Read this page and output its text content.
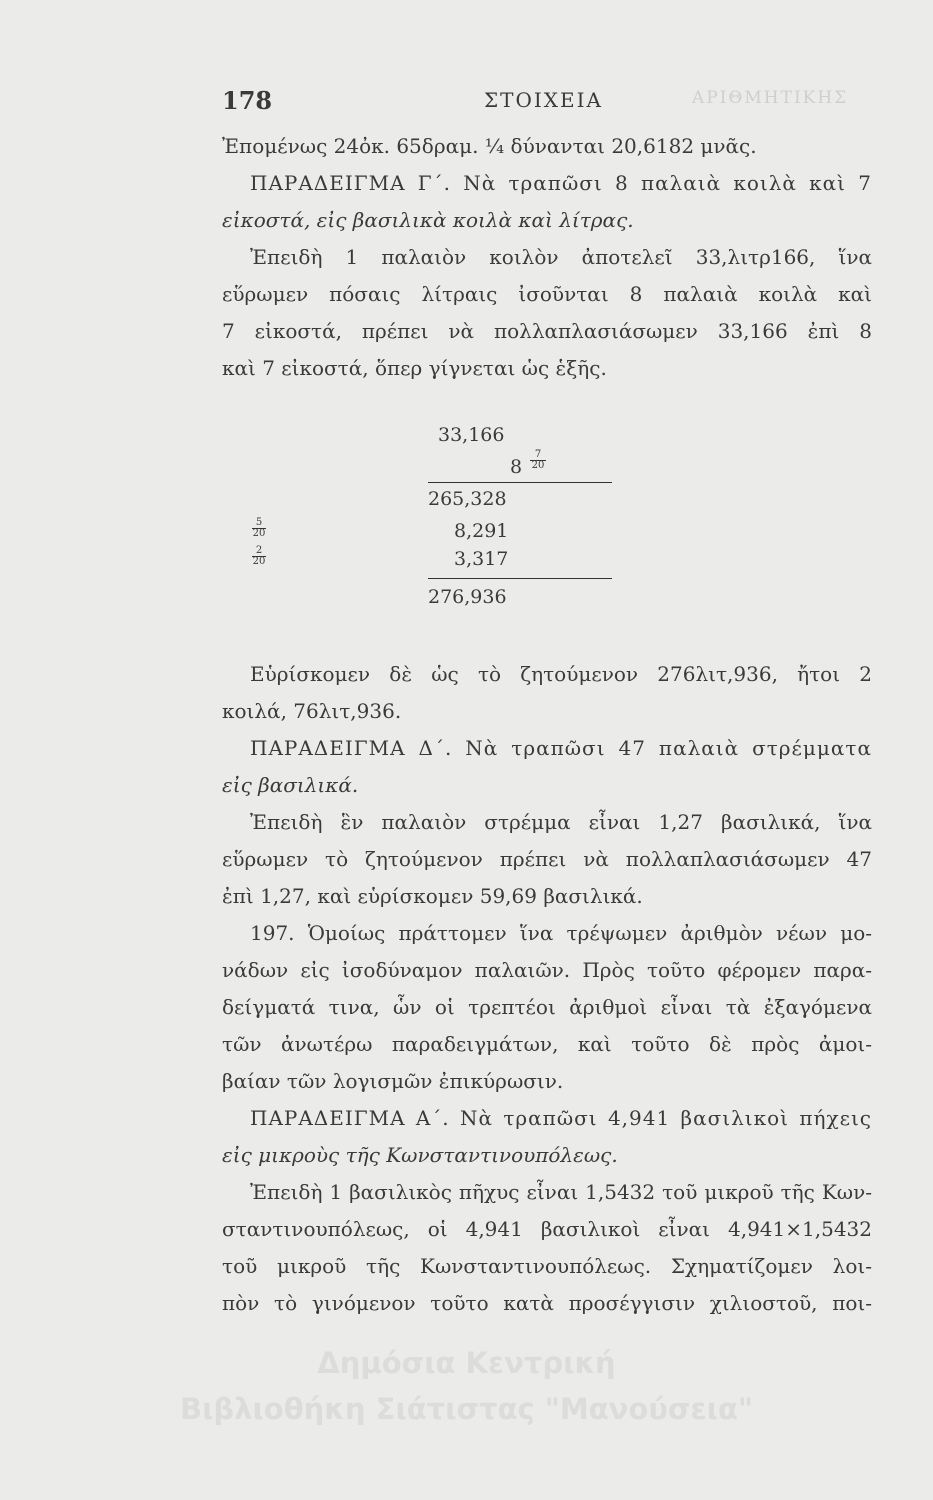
178	ΣΤΟΙΧΕΙΑ	ΑΡΙΘΜΗΤΙΚΗΣ
Ἐπομένως 24ὀκ. 65δραμ. ¼ δύνανται 20,6182 μνᾶς.
ΠΑΡΑΔΕΙΓΜΑ Γ΄. Νὰ τραπῶσι 8 παλαιὰ κοιλὰ καὶ 7
εἰκοστά, εἰς βασιλικὰ κοιλὰ καὶ λίτρας.
Ἐπειδὴ 1 παλαιὸν κοιλὸν ἀποτελεῖ 33,λιτρ166, ἵνα
εὕρωμεν πόσαις λίτραις ἰσοῦνται 8 παλαιὰ κοιλὰ καὶ
7 εἰκοστά, πρέπει νὰ πολλαπλασιάσωμεν 33,166 ἐπὶ 8
καὶ 7 εἰκοστά, ὅπερ γίγνεται ὡς ἑξῆς.
33,166
$8 \frac{7}{20}$
265,328
$\frac{5}{20}$	8,291
$\frac{2}{20}$	3,317
276,936
Εὑρίσκομεν δὲ ὡς τὸ ζητούμενον 276λιτ,936, ἤτοι 2
κοιλά, 76λιτ,936.
ΠΑΡΑΔΕΙΓΜΑ Δ΄. Νὰ τραπῶσι 47 παλαιὰ στρέμματα
εἰς βασιλικά.
Ἐπειδὴ ἓν παλαιὸν στρέμμα εἶναι 1,27 βασιλικά, ἵνα
εὕρωμεν τὸ ζητούμενον πρέπει νὰ πολλαπλασιάσωμεν 47
ἐπὶ 1,27, καὶ εὑρίσκομεν 59,69 βασιλικά.
197. Ὁμοίως πράττομεν ἵνα τρέψωμεν ἀριθμὸν νέων μο-
νάδων εἰς ἰσοδύναμον παλαιῶν. Πρὸς τοῦτο φέρομεν παρα-
δείγματά τινα, ὧν οἱ τρεπτέοι ἀριθμοὶ εἶναι τὰ ἐξαγόμενα
τῶν ἀνωτέρω παραδειγμάτων, καὶ τοῦτο δὲ πρὸς ἀμοι-
βαίαν τῶν λογισμῶν ἐπικύρωσιν.
ΠΑΡΑΔΕΙΓΜΑ Α΄. Νὰ τραπῶσι 4,941 βασιλικοὶ πήχεις
εἰς μικροὺς τῆς Κωνσταντινουπόλεως.
Ἐπειδὴ 1 βασιλικὸς πῆχυς εἶναι 1,5432 τοῦ μικροῦ τῆς Κων-
σταντινουπόλεως, οἱ 4,941 βασιλικοὶ εἶναι 4,941×1,5432
τοῦ μικροῦ τῆς Κωνσταντινουπόλεως. Σχηματίζομεν λοι-
πὸν τὸ γινόμενον τοῦτο κατὰ προσέγγισιν χιλιοστοῦ, ποι-
Δημόσια Κεντρική
Βιβλιοθήκη Σιάτιστας "Μανούσεια"
